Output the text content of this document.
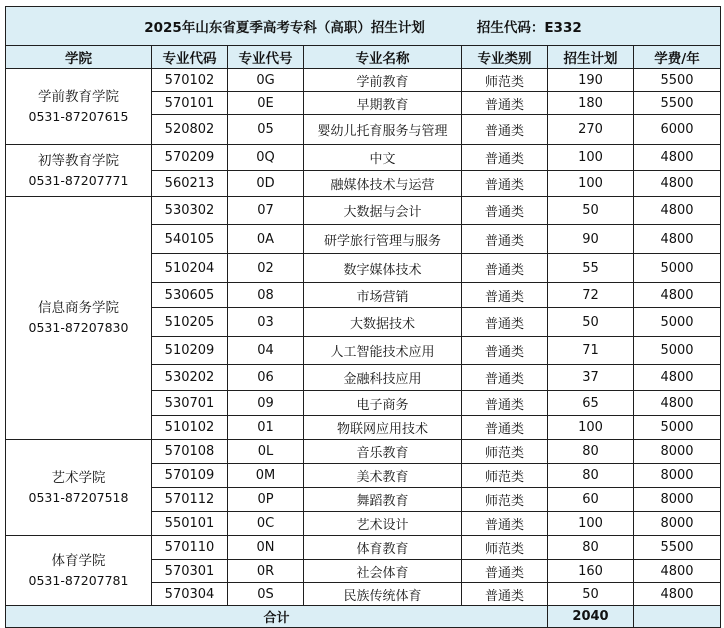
2025年山东省夏季高考专科（高职）招生计划 招生代码：E332						
学院	专业代码	专业代号	专业名称	专业类别	招生计划	学费/年

学前教育学院
0531-87207615	570102	0G	学前教育	师范类	190	5500
	570101	0E	早期教育	普通类	180	5500
	520802	05	婴幼儿托育服务与管理	普通类	270	6000

初等教育学院
0531-87207771	570209	0Q	中文	普通类	100	4800
	560213	0D	融媒体技术与运营	普通类	100	4800

信息商务学院
0531-87207830	530302	07	大数据与会计	普通类	50	4800
	540105	0A	研学旅行管理与服务	普通类	90	4800
	510204	02	数字媒体技术	普通类	55	5000
	530605	08	市场营销	普通类	72	4800
	510205	03	大数据技术	普通类	50	5000
	510209	04	人工智能技术应用	普通类	71	5000
	530202	06	金融科技应用	普通类	37	4800
	530701	09	电子商务	普通类	65	4800
	510102	01	物联网应用技术	普通类	100	5000

艺术学院
0531-87207518	570108	0L	音乐教育	师范类	80	8000
	570109	0M	美术教育	师范类	80	8000
	570112	0P	舞蹈教育	师范类	60	8000
	550101	0C	艺术设计	普通类	100	8000

体育学院
0531-87207781	570110	0N	体育教育	师范类	80	5500
	570301	0R	社会体育	普通类	160	4800
	570304	0S	民族传统体育	普通类	50	4800
合计					2040	
